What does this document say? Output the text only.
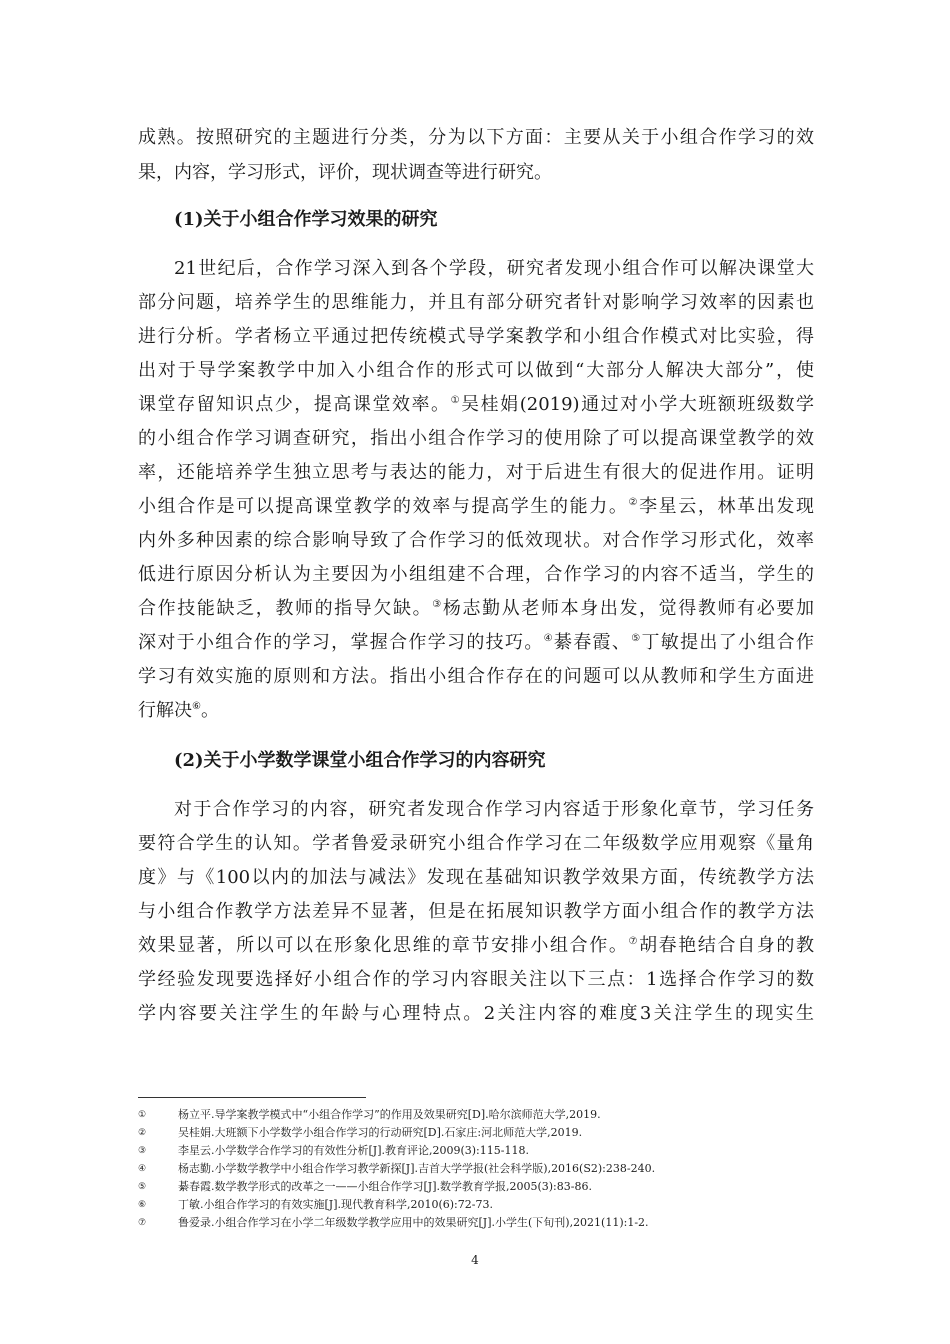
成熟。按照研究的主题进行分类，分为以下方面：主要从关于小组合作学习的效
果，内容，学习形式，评价，现状调查等进行研究。
(1)关于小组合作学习效果的研究
21世纪后，合作学习深入到各个学段，研究者发现小组合作可以解决课堂大
部分问题，培养学生的思维能力，并且有部分研究者针对影响学习效率的因素也
进行分析。学者杨立平通过把传统模式导学案教学和小组合作模式对比实验，得
出对于导学案教学中加入小组合作的形式可以做到“大部分人解决大部分”，使
课堂存留知识点少，提高课堂效率。①吴桂娟(2019)通过对小学大班额班级数学
的小组合作学习调查研究，指出小组合作学习的使用除了可以提高课堂教学的效
率，还能培养学生独立思考与表达的能力，对于后进生有很大的促进作用。证明
小组合作是可以提高课堂教学的效率与提高学生的能力。②李星云，林革出发现
内外多种因素的综合影响导致了合作学习的低效现状。对合作学习形式化，效率
低进行原因分析认为主要因为小组组建不合理，合作学习的内容不适当，学生的
合作技能缺乏，教师的指导欠缺。③杨志勤从老师本身出发，觉得教师有必要加
深对于小组合作的学习，掌握合作学习的技巧。④綦春霞、⑤丁敏提出了小组合作
学习有效实施的原则和方法。指出小组合作存在的问题可以从教师和学生方面进
行解决⑥。
(2)关于小学数学课堂小组合作学习的内容研究
对于合作学习的内容，研究者发现合作学习内容适于形象化章节，学习任务
要符合学生的认知。学者鲁爱录研究小组合作学习在二年级数学应用观察《量角
度》与《100以内的加法与减法》发现在基础知识教学效果方面，传统教学方法
与小组合作教学方法差异不显著，但是在拓展知识教学方面小组合作的教学方法
效果显著，所以可以在形象化思维的章节安排小组合作。⑦胡春艳结合自身的教
学经验发现要选择好小组合作的学习内容眼关注以下三点：1选择合作学习的数
学内容要关注学生的年龄与心理特点。2关注内容的难度3关注学生的现实生
①	杨立平.导学案教学模式中“小组合作学习”的作用及效果研究[D].哈尔滨师范大学,2019.
②	吴桂娟.大班额下小学数学小组合作学习的行动研究[D].石家庄:河北师范大学,2019.
③	李星云.小学数学合作学习的有效性分析[J].教育评论,2009(3):115-118.
④	杨志勤.小学数学教学中小组合作学习教学新探[J].吉首大学学报(社会科学版),2016(S2):238-240.
⑤	綦春霞.数学教学形式的改革之一——小组合作学习[J].数学教育学报,2005(3):83-86.
⑥	丁敏.小组合作学习的有效实施[J].现代教育科学,2010(6):72-73.
⑦	鲁爱录.小组合作学习在小学二年级数学教学应用中的效果研究[J].小学生(下旬刊),2021(11):1-2.
4
